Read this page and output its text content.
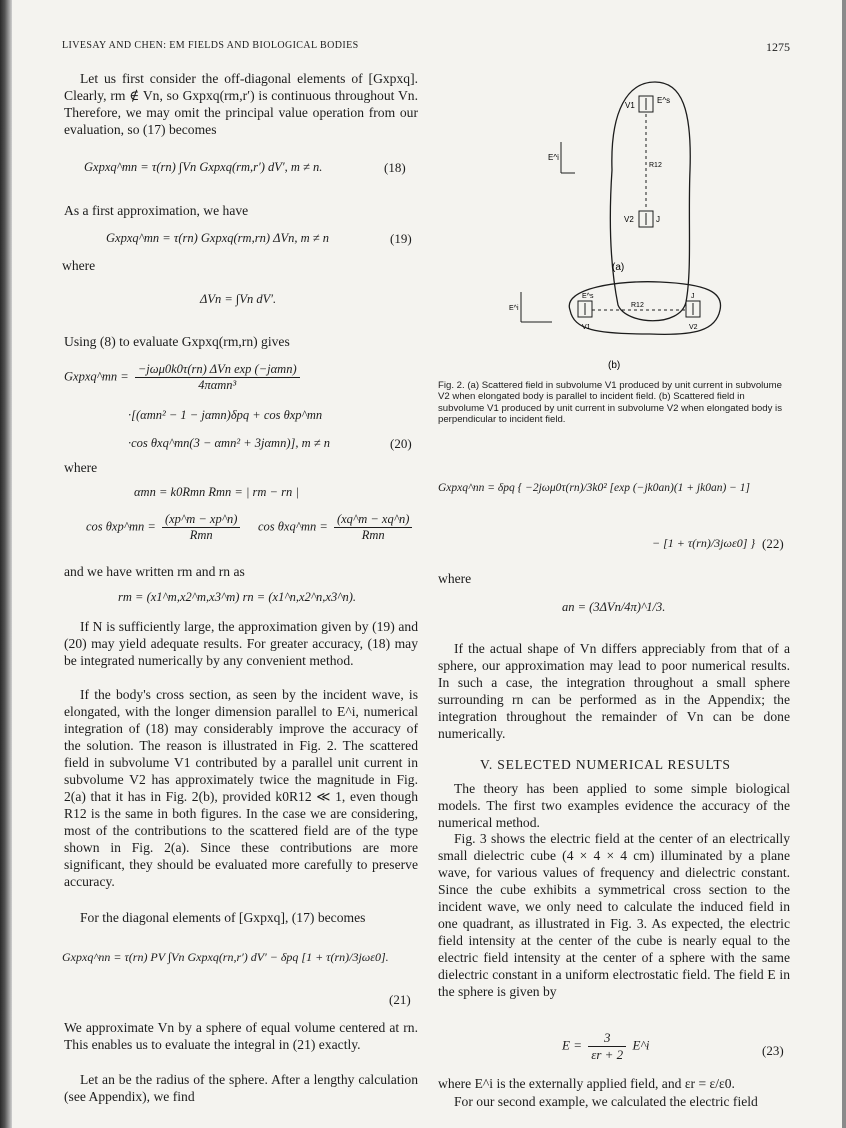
LIVESAY AND CHEN: EM FIELDS AND BIOLOGICAL BODIES	1275

Let us first consider the off-diagonal elements of [Gxpxq]. Clearly, rm ∉ Vn, so Gxpxq(rm,r′) is continuous throughout Vn. Therefore, we may omit the principal value operation from our evaluation, so (17) becomes

Gxpxq^mn = τ(rn) ∫Vn Gxpxq(rm,r′) dV′, m ≠ n.	(18)

As a first approximation, we have

Gxpxq^mn = τ(rn) Gxpxq(rm,rn) ΔVn, m ≠ n	(19)

where

ΔVn = ∫Vn dV′.

Using (8) to evaluate Gxpxq(rm,rn) gives

Gxpxq^mn = $\frac{\text{−jωμ0k0τ(rn) ΔVn exp (−jαmn)}}{\text{4παmn³}}$
·[(αmn² − 1 − jαmn)δpq + cos θxp^mn
·cos θxq^mn(3 − αmn² + 3jαmn)], m ≠ n	(20)

where

αmn = k0Rmn Rmn = | rm − rn |
cos θxp^mn = $\frac{(xp\^{}m - xp\^{}n)}{\text{Rmn}}$ cos θxq^mn = $\frac{(xq\^{}m - xq\^{}n)}{\text{Rmn}}$

and we have written rm and rn as

rm = (x1^m,x2^m,x3^m) rn = (x1^n,x2^n,x3^n).

If N is sufficiently large, the approximation given by (19) and (20) may yield adequate results. For greater accuracy, (18) may be integrated numerically by any convenient method.

If the body's cross section, as seen by the incident wave, is elongated, with the longer dimension parallel to E^i, numerical integration of (18) may considerably improve the accuracy of the solution. The reason is illustrated in Fig. 2. The scattered field in subvolume V1 contributed by a parallel unit current in subvolume V2 has approximately twice the magnitude in Fig. 2(a) that it has in Fig. 2(b), provided k0R12 ≪ 1, even though R12 is the same in both figures. In the case we are considering, most of the contributions to the scattered field are of the type shown in Fig. 2(a). Since these contributions are more significant, they should be evaluated more carefully to preserve accuracy.

For the diagonal elements of [Gxpxq], (17) becomes

Gxpxq^nn = τ(rn) PV ∫Vn Gxpxq(rn,r′) dV′ − δpq [1 + τ(rn)/3jωε0].
(21)

We approximate Vn by a sphere of equal volume centered at rn. This enables us to evaluate the integral in (21) exactly.

Let an be the radius of the sphere. After a lengthy calculation (see Appendix), we find

V1
E^s
R12
V2	J
E^i
(a)
E^s
V1
R12
J
V2
E^i
(b)
Fig. 2. (a) Scattered field in subvolume V1 produced by unit current in subvolume V2 when elongated body is parallel to incident field. (b) Scattered field in subvolume V1 produced by unit current in subvolume V2 when elongated body is perpendicular to incident field.
Gxpxq^nn = δpq { −2jωμ0τ(rn)/3k0² [exp (−jk0an)(1 + jk0an) − 1]
− [1 + τ(rn)/3jωε0] } (22)

where

an = (3ΔVn/4π)^1/3.

If the actual shape of Vn differs appreciably from that of a sphere, our approximation may lead to poor numerical results. In such a case, the integration throughout a small sphere surrounding rn can be performed as in the Appendix; the integration throughout the remainder of Vn can be done numerically.

V. SELECTED NUMERICAL RESULTS

The theory has been applied to some simple biological models. The first two examples evidence the accuracy of the numerical method.

Fig. 3 shows the electric field at the center of an electrically small dielectric cube (4 × 4 × 4 cm) illuminated by a plane wave, for various values of frequency and dielectric constant. Since the cube exhibits a symmetrical cross section to the incident wave, we only need to calculate the induced field in one quadrant, as illustrated in Fig. 3. As expected, the electric field intensity at the center of the cube is nearly equal to the electric field intensity at the center of a sphere with the same dielectric constant in a uniform electrostatic field. The field E in the sphere is given by

$E = \frac{3}{\varepsilon r + 2}$ E^i	(23)

where E^i is the externally applied field, and εr = ε/ε0.

For our second example, we calculated the electric field
